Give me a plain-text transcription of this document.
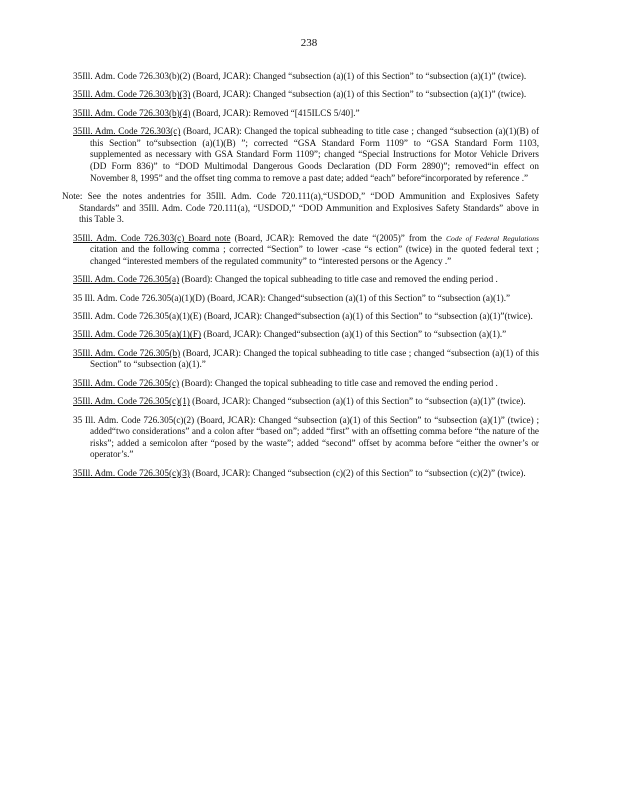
238

35Ill. Adm. Code 726.303(b)(2) (Board, JCAR): Changed “subsection (a)(1) of this Section” to “subsection (a)(1)” (twice).

35Ill. Adm. Code 726.303(b)(3) (Board, JCAR): Changed “subsection (a)(1) of this Section” to “subsection (a)(1)” (twice).

35Ill. Adm. Code 726.303(b)(4) (Board, JCAR): Removed “[415ILCS 5/40].”

35Ill. Adm. Code 726.303(c) (Board, JCAR): Changed the topical subheading to title case ; changed “subsection (a)(1)(B) of this Section” to“subsection (a)(1)(B) ”; corrected “GSA Standard Form 1109” to “GSA Standard Form 1103, supplemented as necessary with GSA Standard Form 1109”; changed “Special Instructions for Motor Vehicle Drivers (DD Form 836)” to “DOD Multimodal Dangerous Goods Declaration (DD Form 2890)”; removed“in effect on November 8, 1995” and the offset ting comma to remove a past date; added “each” before“incorporated by reference .”

Note: See the notes andentries for 35Ill. Adm. Code 720.111(a),“USDOD,” “DOD Ammunition and Explosives Safety Standards” and 35Ill. Adm. Code 720.111(a), “USDOD,” “DOD Ammunition and Explosives Safety Standards” above in this Table 3.

35Ill. Adm. Code 726.303(c) Board note (Board, JCAR): Removed the date “(2005)” from the Code of Federal Regulations citation and the following comma ; corrected “Section” to lower -case “s ection” (twice) in the quoted federal text ; changed “interested members of the regulated community” to “interested persons or the Agency .”

35Ill. Adm. Code 726.305(a) (Board): Changed the topical subheading to title case and removed the ending period .

35 Ill. Adm. Code 726.305(a)(1)(D) (Board, JCAR): Changed“subsection (a)(1) of this Section” to “subsection (a)(1).”

35Ill. Adm. Code 726.305(a)(1)(E) (Board, JCAR): Changed“subsection (a)(1) of this Section” to “subsection (a)(1)”(twice).

35Ill. Adm. Code 726.305(a)(1)(F) (Board, JCAR): Changed“subsection (a)(1) of this Section” to “subsection (a)(1).”

35Ill. Adm. Code 726.305(b) (Board, JCAR): Changed the topical subheading to title case ; changed “subsection (a)(1) of this Section” to “subsection (a)(1).”

35Ill. Adm. Code 726.305(c) (Board): Changed the topical subheading to title case and removed the ending period .

35Ill. Adm. Code 726.305(c)(1) (Board, JCAR): Changed “subsection (a)(1) of this Section” to “subsection (a)(1)” (twice).

35 Ill. Adm. Code 726.305(c)(2) (Board, JCAR): Changed “subsection (a)(1) of this Section” to “subsection (a)(1)” (twice) ; added“two considerations” and a colon after “based on”; added “first” with an offsetting comma before “the nature of the risks”; added a semicolon after “posed by the waste”; added “second” offset by acomma before “either the owner’s or operator’s.”

35Ill. Adm. Code 726.305(c)(3) (Board, JCAR): Changed “subsection (c)(2) of this Section” to “subsection (c)(2)” (twice).
